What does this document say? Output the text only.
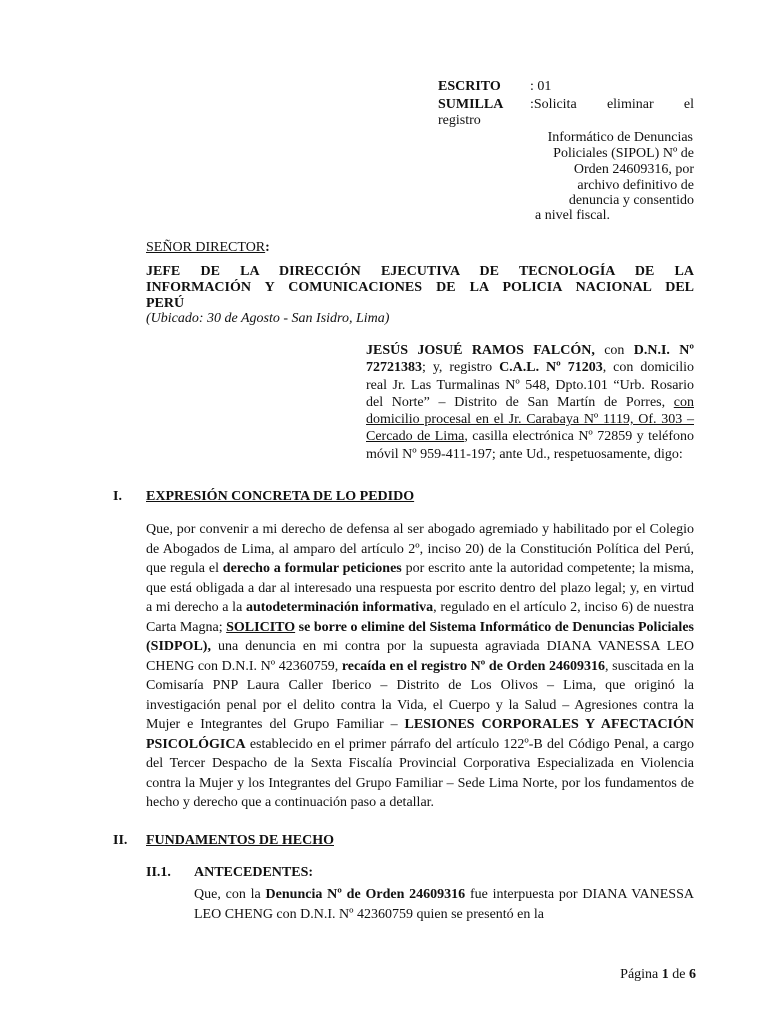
ESCRITO : 01
SUMILLA	:Solicita eliminar el
registro
Informático de Denuncias
Policiales (SIPOL) Nº de
Orden 24609316, por
archivo definitivo de
denuncia y consentido
a nivel fiscal.
SEÑOR DIRECTOR:
JEFE DE LA DIRECCIÓN EJECUTIVA DE TECNOLOGÍA DE LA
INFORMACIÓN Y COMUNICACIONES DE LA POLICIA NACIONAL DEL
PERÚ
(Ubicado: 30 de Agosto - San Isidro, Lima)

JESÚS JOSUÉ RAMOS FALCÓN, con D.N.I. Nº 72721383; y, registro C.A.L. Nº 71203, con domicilio real Jr. Las Turmalinas Nº 548, Dpto.101 “Urb. Rosario del Norte” – Distrito de San Martín de Porres, con domicilio procesal en el Jr. Carabaya Nº 1119, Of. 303 – Cercado de Lima, casilla electrónica Nº 72859 y teléfono móvil Nº 959-411-197; ante Ud., respetuosamente, digo:

I. EXPRESIÓN CONCRETA DE LO PEDIDO

Que, por convenir a mi derecho de defensa al ser abogado agremiado y habilitado por el Colegio de Abogados de Lima, al amparo del artículo 2º, inciso 20) de la Constitución Política del Perú, que regula el derecho a formular peticiones por escrito ante la autoridad competente; la misma, que está obligada a dar al interesado una respuesta por escrito dentro del plazo legal; y, en virtud a mi derecho a la autodeterminación informativa, regulado en el artículo 2, inciso 6) de nuestra Carta Magna; SOLICITO se borre o elimine del Sistema Informático de Denuncias Policiales (SIDPOL), una denuncia en mi contra por la supuesta agraviada DIANA VANESSA LEO CHENG con D.N.I. Nº 42360759, recaída en el registro Nº de Orden 24609316, suscitada en la Comisaría PNP Laura Caller Iberico – Distrito de Los Olivos – Lima, que originó la investigación penal por el delito contra la Vida, el Cuerpo y la Salud – Agresiones contra la Mujer e Integrantes del Grupo Familiar – LESIONES CORPORALES Y AFECTACIÓN PSICOLÓGICA establecido en el primer párrafo del artículo 122º-B del Código Penal, a cargo del Tercer Despacho de la Sexta Fiscalía Provincial Corporativa Especializada en Violencia contra la Mujer y los Integrantes del Grupo Familiar – Sede Lima Norte, por los fundamentos de hecho y derecho que a continuación paso a detallar.

II. FUNDAMENTOS DE HECHO
II.1. ANTECEDENTES:

Que, con la Denuncia Nº de Orden 24609316 fue interpuesta por DIANA VANESSA LEO CHENG con D.N.I. Nº 42360759 quien se presentó en la

Página 1 de 6
